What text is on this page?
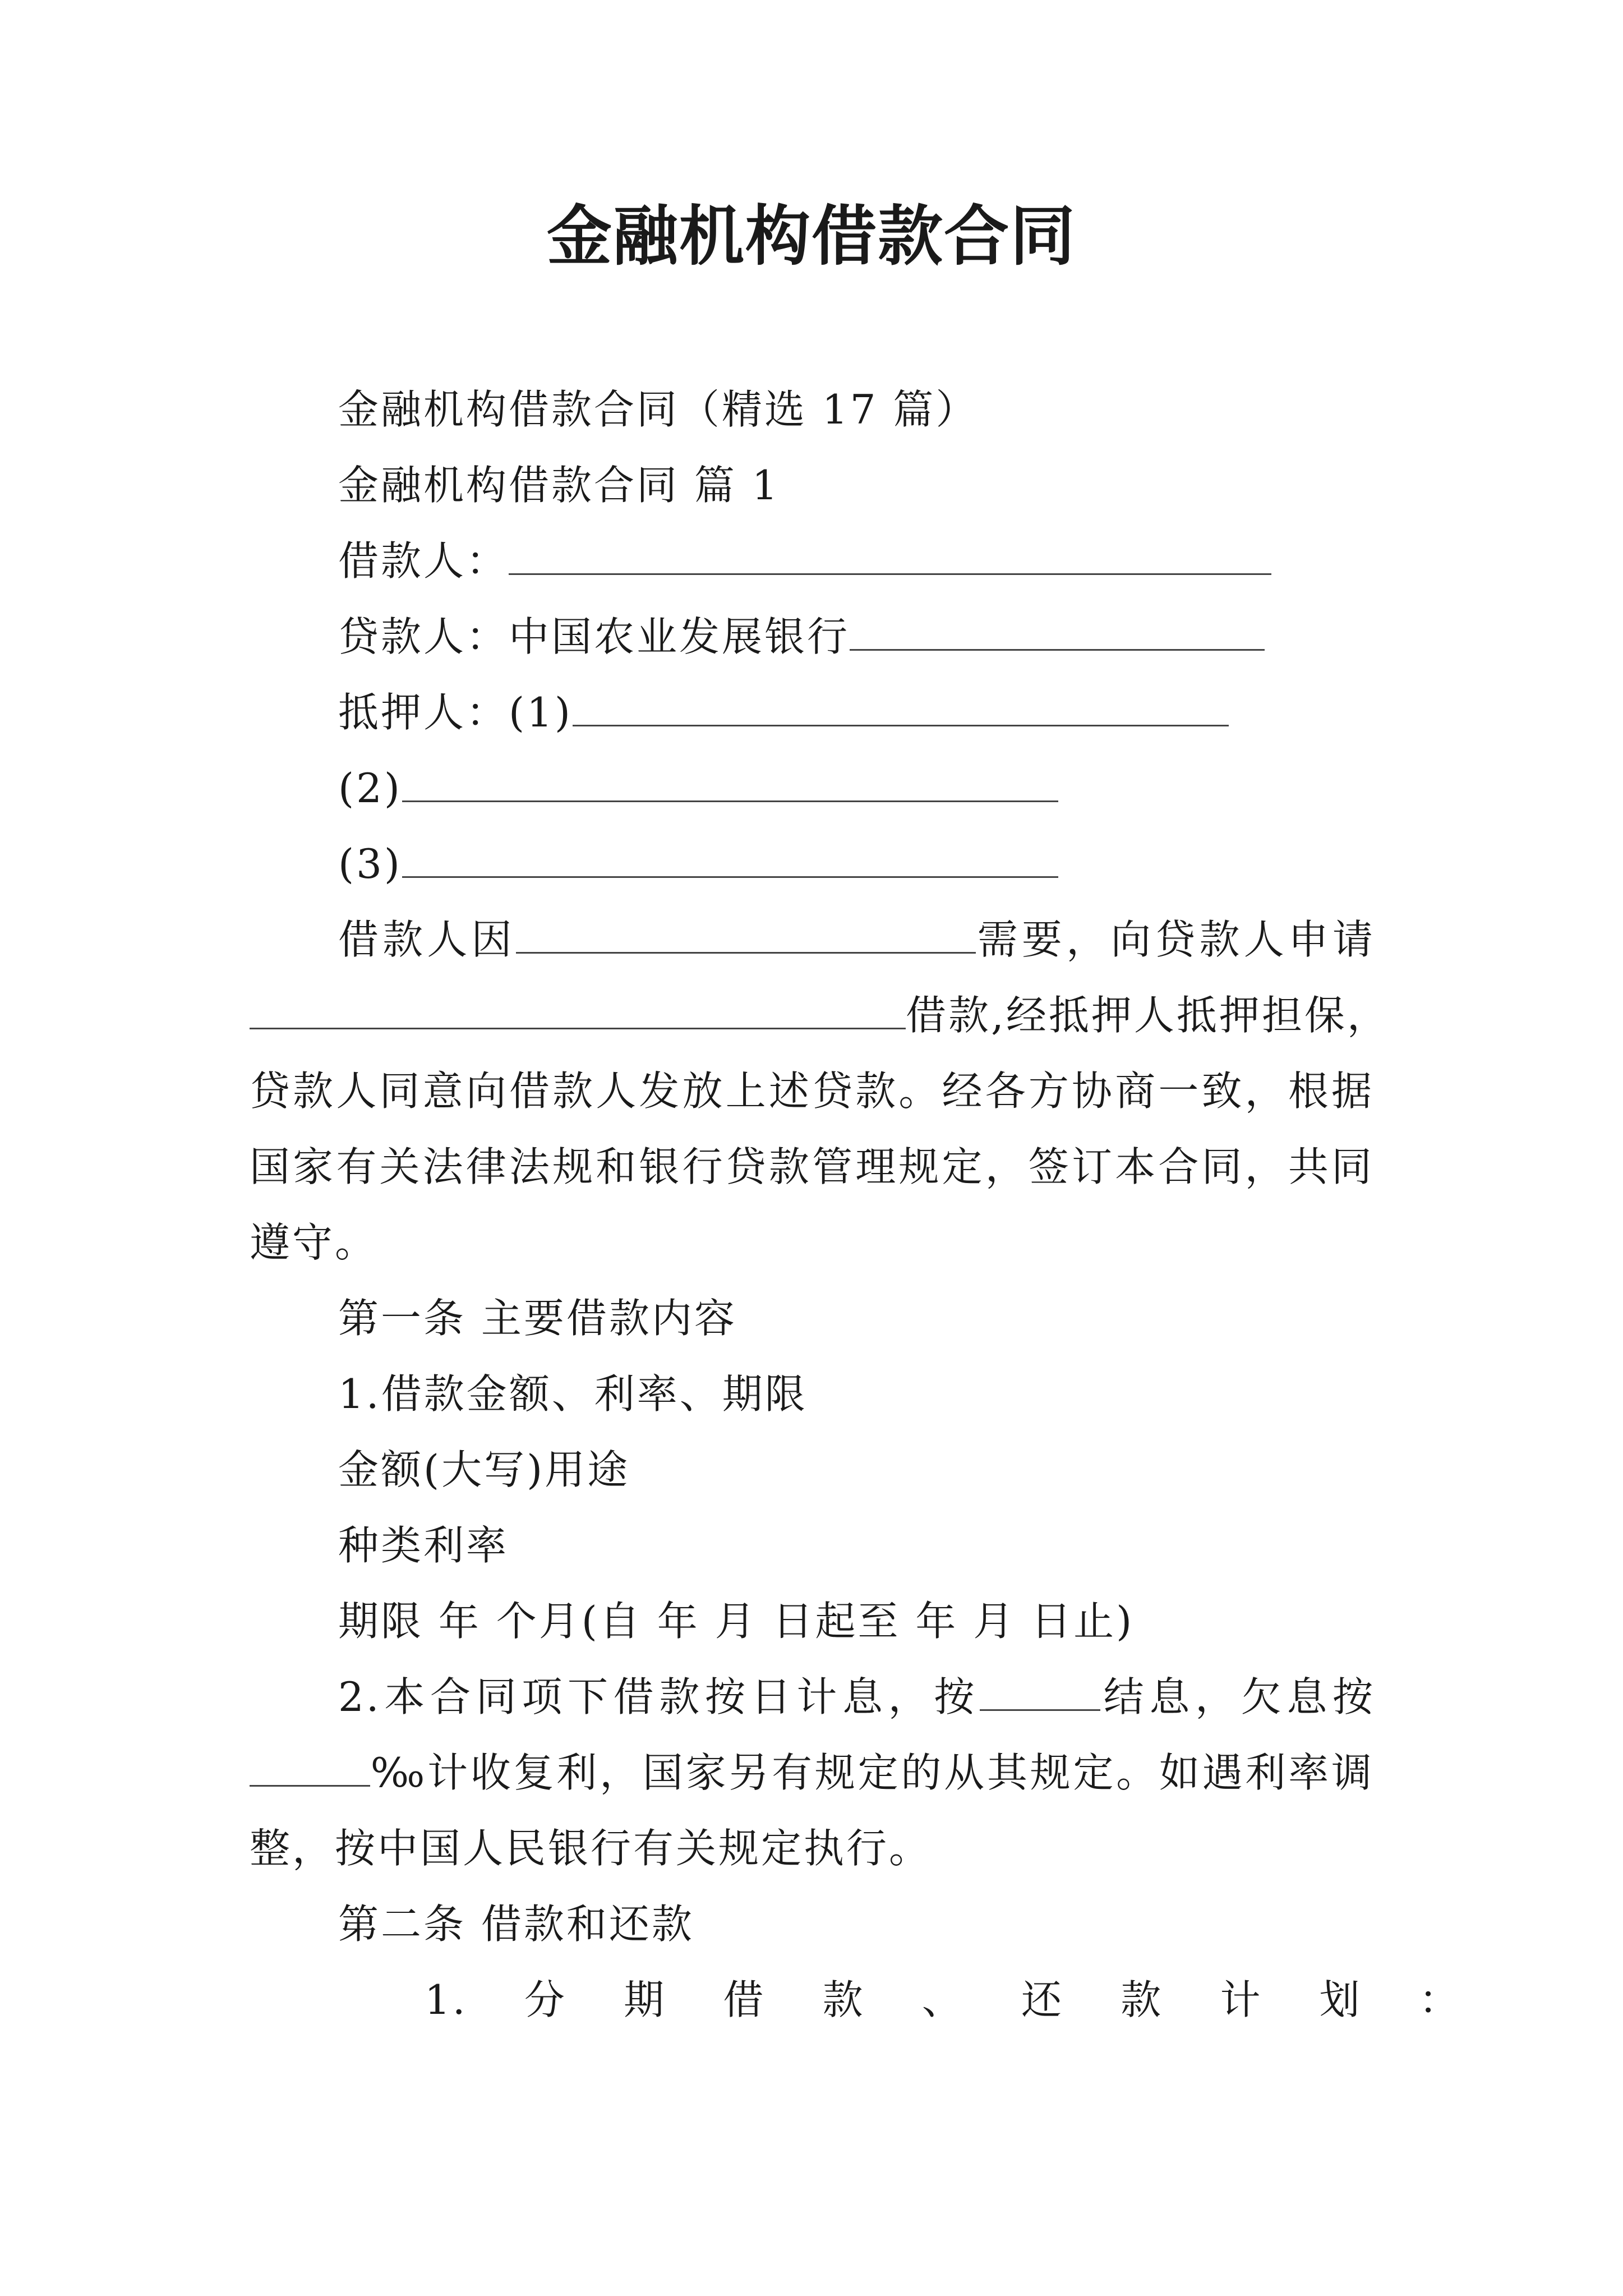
金融机构借款合同
金融机构借款合同（精选 17 篇）
金融机构借款合同 篇 1
借款人：
贷款人：中国农业发展银行
抵押人：(1)
(2)
(3)
借款人因	需要，向贷款人申请
借款,经抵押人抵押担保，
贷款人同意向借款人发放上述贷款。经各方协商一致，根据
国家有关法律法规和银行贷款管理规定，签订本合同，共同
遵守。
第一条 主要借款内容
1.借款金额、利率、期限
金额(大写)用途
种类利率
期限 年 个月(自 年 月 日起至 年 月 日止)
2.本合同项下借款按日计息，按	结息，欠息按
‰计收复利，国家另有规定的从其规定。如遇利率调
整，按中国人民银行有关规定执行。
第二条 借款和还款
1. 分 期 借 款 、 还 款 计 划 ：
